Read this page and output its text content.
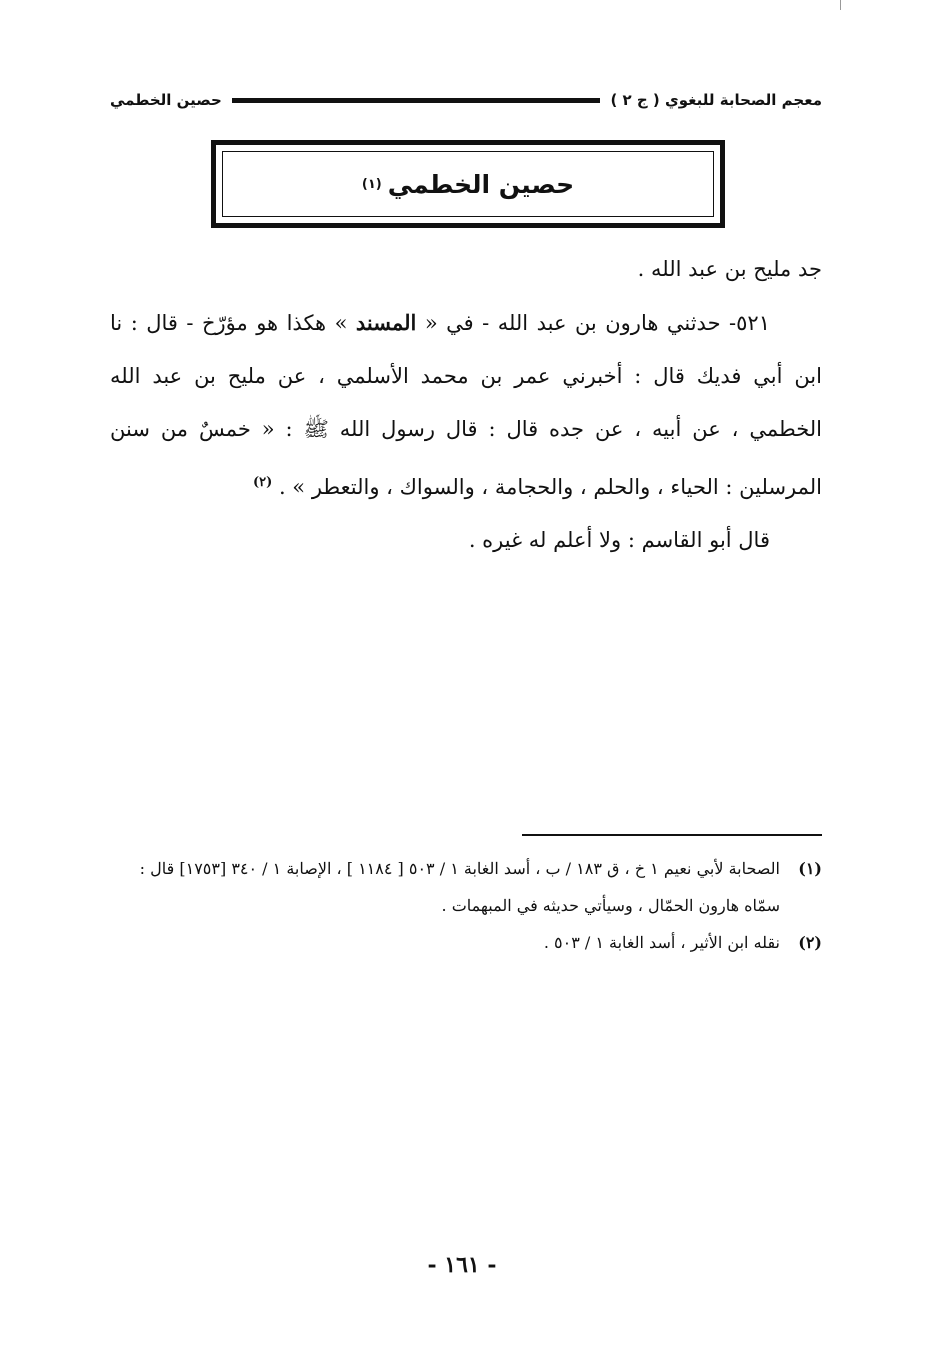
معجم الصحابة للبغوي ( ج ٢ )
حصين الخطمي
حصين الخطمي
(١)

جد مليح بن عبد الله .

٥٢١- حدثني هارون بن عبد الله - في « المسند » هكذا هو مؤرّخ - قال : نا ابن أبي فديك قال : أخبرني عمر بن محمد الأسلمي ، عن مليح بن عبد الله الخطمي ، عن أبيه ، عن جده قال : قال رسول الله ﷺ : « خمسٌ من سنن المرسلين : الحياء ، والحلم ، والحجامة ، والسواك ، والتعطر » . $^{(٢)}$

قال أبو القاسم : ولا أعلم له غيره .

(١)
الصحابة لأبي نعيم ١ خ ، ق ١٨٣ / ب ، أسد الغابة ١ / ٥٠٣ [ ١١٨٤ ] ، الإصابة ١ / ٣٤٠ [١٧٥٣] قال : سمّاه هارون الحمّال ، وسيأتي حديثه في المبهمات .
(٢)
نقله ابن الأثير ، أسد الغابة ١ / ٥٠٣ .
- ١٦١ -
